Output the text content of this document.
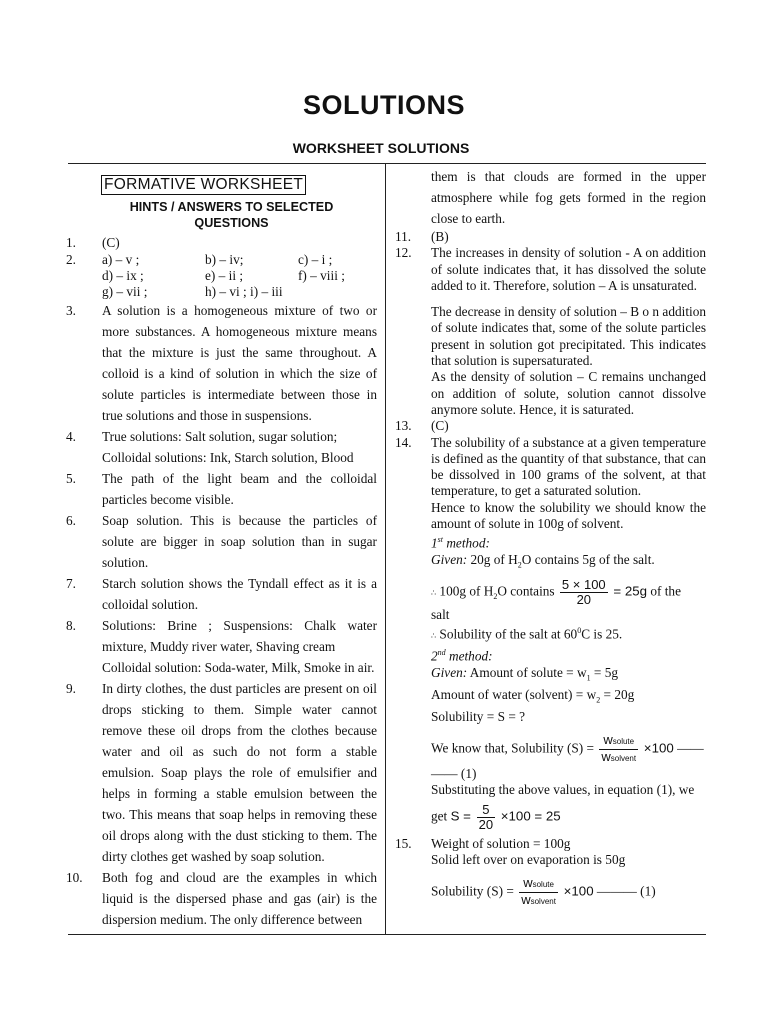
SOLUTIONS
WORKSHEET SOLUTIONS
FORMATIVE WORKSHEET
HINTS / ANSWERS TO SELECTED
QUESTIONS
1.	(C)
2.	a) – v ;	b) – iv;	c) – i ;
d) – ix ;	e) – ii ;	f) – viii ;
g) – vii ;	h) – vi ; i) – iii
3.	A solution is a homogeneous mixture of two or more substances. A homogeneous mixture means that the mixture is just the same throughout. A colloid is a kind of solution in which the size of solute particles is intermediate between those in true solutions and those in suspensions.
4.	True solutions: Salt solution, sugar solution;
Colloidal solutions: Ink, Starch solution, Blood
5.	The path of the light beam and the colloidal particles become visible.
6.	Soap solution. This is because the particles of solute are bigger in soap solution than in sugar solution.
7.	Starch solution shows the Tyndall effect as it is a colloidal solution.
8.	Solutions: Brine ; Suspensions: Chalk water mixture, Muddy river water, Shaving cream
Colloidal solution: Soda-water, Milk, Smoke in air.
9.	In dirty clothes, the dust particles are present on oil drops sticking to them. Simple water cannot remove these oil drops from the clothes because water and oil as such do not form a stable emulsion. Soap plays the role of emulsifier and helps in forming a stable emulsion between the two. This means that soap helps in removing these oil drops along with the dust sticking to them. The dirty clothes get washed by soap solution.
10.	Both fog and cloud are the examples in which liquid is the dispersed phase and gas (air) is the dispersion medium. The only difference between
them is that clouds are formed in the upper atmosphere while fog gets formed in the region close to earth.
11.	(B)
12.	The increases in density of solution - A on addition of solute indicates that, it has dissolved the solute added to it. Therefore, solution – A is unsaturated.
The decrease in density of solution – B o n addition of solute indicates that, some of the solute particles present in solution got precipitated. This indicates that solution is supersaturated.
As the density of solution – C remains unchanged on addition of solute, solution cannot dissolve anymore solute. Hence, it is saturated.
13.	(C)
14.	The solubility of a substance at a given temperature is defined as the quantity of that substance, that can be dissolved in 100 grams of the solvent, at that temperature, to get a saturated solution.
Hence to know the solubility we should know the amount of solute in 100g of solvent.
1st method:
Given: 20g of $H_2O$ contains 5g of the salt.
∴ 100g of $H_2O$ contains $\frac{5 \times 100}{20} = 25g$ of the
salt
∴ Solubility of the salt at $60^0C$ is 25.
2nd method:
Given: Amount of solute = $w_1 = 5g$
Amount of water (solvent) = $w_2 = 20g$
Solubility = S = ?
We know that, Solubility $(S) = \frac{\text{wsolute}}{\text{wsolvent}} \times 100$ ——
—— (1)
Substituting the above values, in equation (1), we
get $S = \frac{5}{20} \times 100 = 25$
15.	Weight of solution = 100g
Solid left over on evaporation is 50g
Solubility $(S) = \frac{\text{wsolute}}{\text{wsolvent}} \times 100$ ——— (1)
